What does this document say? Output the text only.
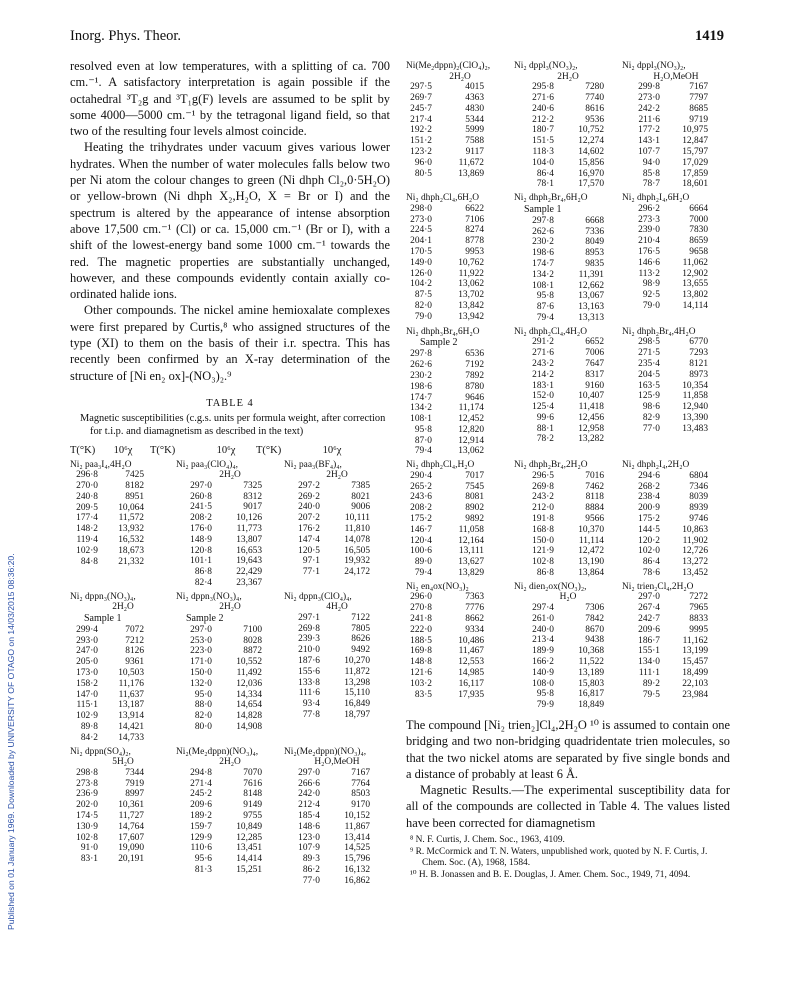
Published on 01 January 1969. Downloaded by UNIVERSITY OF OTAGO on 14/03/2015 08:36:20.
Inorg. Phys. Theor.	1419

resolved even at low temperatures, with a splitting of ca. 700 cm.⁻¹. A satisfactory interpretation is again possible if the octahedral ³T₂g and ³T₁g(F) levels are assumed to be split by some 4000—5000 cm.⁻¹ by the tetragonal ligand field, so that two of the resulting four levels almost coincide.

Heating the trihydrates under vacuum gives various lower hydrates. When the number of water molecules falls below two per Ni atom the colour changes to green (Ni dhph Cl₂,0·5H₂O) or yellow-brown (Ni dhph X₂,H₂O, X = Br or I) and the spectrum is altered by the appearance of intense absorption above 17,500 cm.⁻¹ (Cl) or ca. 15,000 cm.⁻¹ (Br or I), with a shift of the lowest-energy band some 1000 cm.⁻¹ towards the red. The magnetic properties are substantially unchanged, however, and these compounds evidently contain axially co-ordinated halide ions.

Other compounds. The nickel amine hemioxalate complexes were first prepared by Curtis,⁸ who assigned structures of the type (XI) to them on the basis of their i.r. spectra. This has recently been confirmed by an X-ray determination of the structure of [Ni en₂ ox]-(NO₃)₂.⁹

TABLE 4

Magnetic susceptibilities (c.g.s. units per formula weight, after correction for t.i.p. and diamagnetism as described in the text)

T(°K)	10⁶χ	T(°K)	10⁶χ	T(°K)	10⁶χ
Ni₂ paa₃I₄,4H₂O
296·8	7425
270·0	8182
240·8	8951
209·5	10,064
177·4	11,572
148·2	13,932
119·4	16,532
102·9	18,673
84·8	21,332
Ni₂ paa₃(ClO₄)₄,
2H₂O
297·0	7325
260·8	8312
241·5	9017
208·2	10,126
176·0	11,773
148·9	13,807
120·8	16,653
101·1	19,643
86·8	22,429
82·4	23,367
Ni₂ paa₃(BF₄)₄,
2H₂O
297·2	7385
269·2	8021
240·0	9006
207·2	10,111
176·2	11,810
147·4	14,078
120·5	16,505
97·1	19,932
77·1	24,172
Ni₂ dppn₃(NO₃)₄,
2H₂O
Sample 1
299·4	7072
293·0	7212
247·0	8126
205·0	9361
173·0	10,503
158·2	11,176
147·0	11,637
115·1	13,187
102·9	13,914
89·8	14,421
84·2	14,733
Ni₂ dppn₃(NO₃)₄,
2H₂O
Sample 2
297·0	7100
253·0	8028
223·0	8872
171·0	10,552
150·0	11,492
132·0	12,036
95·0	14,334
88·0	14,654
82·0	14,828
80·0	14,908
Ni₂ dppn₃(ClO₄)₄,
4H₂O
297·1	7122
269·8	7805
239·3	8626
210·0	9492
187·6	10,270
155·6	11,872
133·8	13,298
111·6	15,110
93·4	16,849
77·8	18,797
Ni₂ dppn(SO₄)₂,
5H₂O
298·8	7344
273·8	7919
236·9	8997
202·0	10,361
174·5	11,727
130·9	14,764
102·8	17,607
91·0	19,090
83·1	20,191
Ni₂(Me₂dppn)(NO₃)₄,
2H₂O
294·8	7070
271·4	7616
245·2	8148
209·6	9149
189·2	9755
159·7	10,849
129·9	12,285
110·6	13,451
95·6	14,414
81·3	15,251
Ni₂(Me₂dppn)(NO₃)₄,
H₂O,MeOH
297·0	7167
266·6	7764
242·0	8503
212·4	9170
185·4	10,152
148·6	11,867
123·0	13,414
107·9	14,525
89·3	15,796
86·2	16,132
77·0	16,862
Ni(Me₂dppn)₂(ClO₄)₂,
2H₂O
297·5	4015
269·7	4363
245·7	4830
217·4	5344
192·2	5999
151·2	7588
123·2	9117
96·0	11,672
80·5	13,869
Ni₂ dppl₃(NO₃)₂,
2H₂O
295·8	7280
271·6	7740
240·6	8616
212·2	9536
180·7	10,752
151·5	12,274
118·3	14,602
104·0	15,856
86·4	16,970
78·1	17,570
Ni₂ dppl₃(NO₃)₂,
H₂O,MeOH
299·8	7167
273·0	7797
242·2	8685
211·6	9719
177·2	10,975
143·1	12,847
107·7	15,797
94·0	17,029
85·8	17,859
78·7	18,601
Ni₂ dhph₂Cl₄,6H₂O
298·0	6622
273·0	7106
224·5	8274
204·1	8778
170·5	9953
149·0	10,762
126·0	11,922
104·2	13,062
87·5	13,702
82·0	13,842
79·0	13,942
Ni₂ dhph₂Br₄,6H₂O
Sample 1
297·8	6668
262·6	7336
230·2	8049
198·6	8953
174·7	9835
134·2	11,391
108·1	12,662
95·8	13,067
87·6	13,163
79·4	13,313
Ni₂ dhph₂I₄,6H₂O
296·2	6664
273·3	7000
239·0	7830
210·4	8659
176·5	9658
146·6	11,062
113·2	12,902
98·9	13,655
92·5	13,802
79·0	14,114
Ni₂ dhph₃Br₄,6H₂O
Sample 2
297·8	6536
262·6	7192
230·2	7892
198·6	8780
174·7	9646
134·2	11,174
108·1	12,452
95·8	12,820
87·0	12,914
79·4	13,062
Ni₂ dhph₂Cl₄,4H₂O
291·2	6652
271·6	7006
243·2	7647
214·2	8317
183·1	9160
152·0	10,407
125·4	11,418
99·6	12,456
88·1	12,958
78·2	13,282
Ni₂ dhph₂Br₄,4H₂O
298·5	6770
271·5	7293
235·4	8121
204·5	8973
163·5	10,354
125·9	11,858
98·6	12,940
82·9	13,390
77·0	13,483
Ni₂ dhph₂Cl₄,H₂O
290·4	7017
265·2	7545
243·6	8081
208·2	8902
175·2	9892
146·7	11,058
120·4	12,164
100·6	13,111
89·0	13,627
79·4	13,829
Ni₂ dhph₂Br₄,2H₂O
296·5	7016
269·8	7462
243·2	8118
212·0	8884
191·8	9566
168·8	10,370
150·0	11,114
121·9	12,472
102·8	13,190
86·8	13,864
Ni₂ dhph₂I₄,2H₂O
294·6	6804
268·2	7346
238·4	8039
200·9	8939
175·2	9746
144·5	10,863
120·2	11,902
102·0	12,726
86·4	13,272
78·6	13,452
Ni₂ en₄ox(NO₃)₂
296·0	7363
270·8	7776
241·8	8662
222·0	9334
188·5	10,486
169·8	11,467
148·8	12,553
121·6	14,985
103·2	16,117
83·5	17,935
Ni₂ dien₂ox(NO₃)₂,
H₂O
297·4	7306
261·0	7842
240·0	8670
213·4	9438
189·9	10,368
166·2	11,522
140·9	13,189
108·0	15,803
95·8	16,817
79·9	18,849
Ni₂ trien₂Cl₄,2H₂O
297·0	7272
267·4	7965
242·7	8833
209·6	9995
186·7	11,162
155·1	13,199
134·0	15,457
111·1	18,499
89·2	22,103
79·5	23,984

The compound [Ni₂ trien₂]Cl₄,2H₂O ¹⁰ is assumed to contain one bridging and two non-bridging quadridentate trien molecules, so that the two nickel atoms are separated by five single bonds and a distance of probably at least 6 Å.

Magnetic Results.—The experimental susceptibility data for all of the compounds are collected in Table 4. The values listed have been corrected for diamagnetism

⁸ N. F. Curtis, J. Chem. Soc., 1963, 4109.

⁹ R. McCormick and T. N. Waters, unpublished work, quoted by N. F. Curtis, J. Chem. Soc. (A), 1968, 1584.

¹⁰ H. B. Jonassen and B. E. Douglas, J. Amer. Chem. Soc., 1949, 71, 4094.
